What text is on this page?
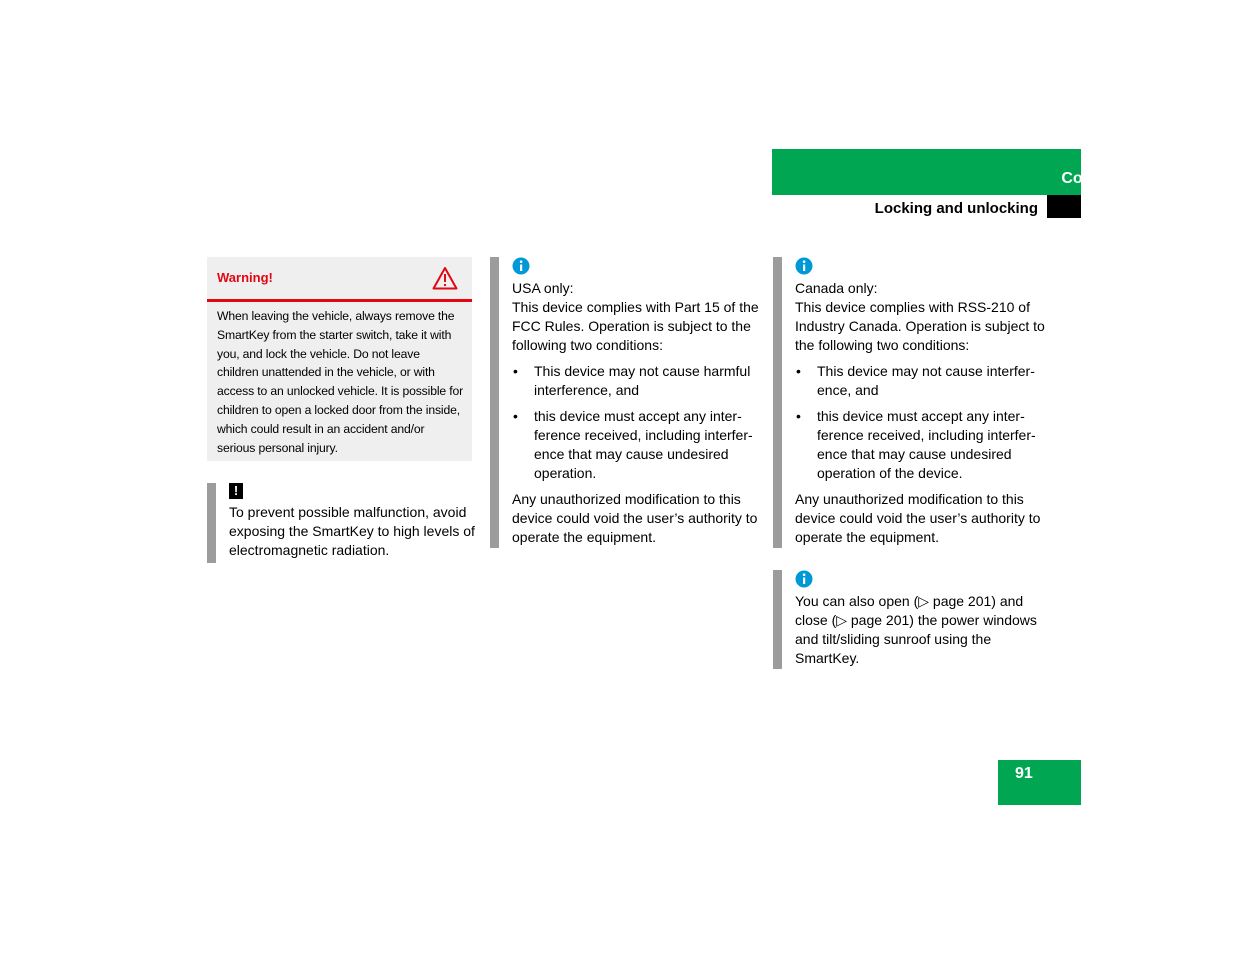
Controls in detail
Locking and unlocking
Warning!
When leaving the vehicle, always remove the SmartKey from the starter switch, take it with you, and lock the vehicle. Do not leave children unattended in the vehicle, or with access to an unlocked vehicle. It is possible for children to open a locked door from the inside, which could result in an accident and/or serious personal injury.
!

To prevent possible malfunction, avoid exposing the SmartKey to high levels of electromagnetic radiation.

USA only:

This device complies with Part 15 of the FCC Rules. Operation is subject to the following two conditions:

• This device may not cause harmful interference, and
• this device must accept any inter-ference received, including interfer-ence that may cause undesired operation.

Any unauthorized modification to this device could void the user’s authority to operate the equipment.

Canada only:

This device complies with RSS-210 of Industry Canada. Operation is subject to the following two conditions:

• This device may not cause interfer-ence, and
• this device must accept any inter-ference received, including interfer-ence that may cause undesired operation of the device.

Any unauthorized modification to this device could void the user’s authority to operate the equipment.

You can also open (▷ page 201) and close (▷ page 201) the power windows and tilt/sliding sunroof using the SmartKey.

91
